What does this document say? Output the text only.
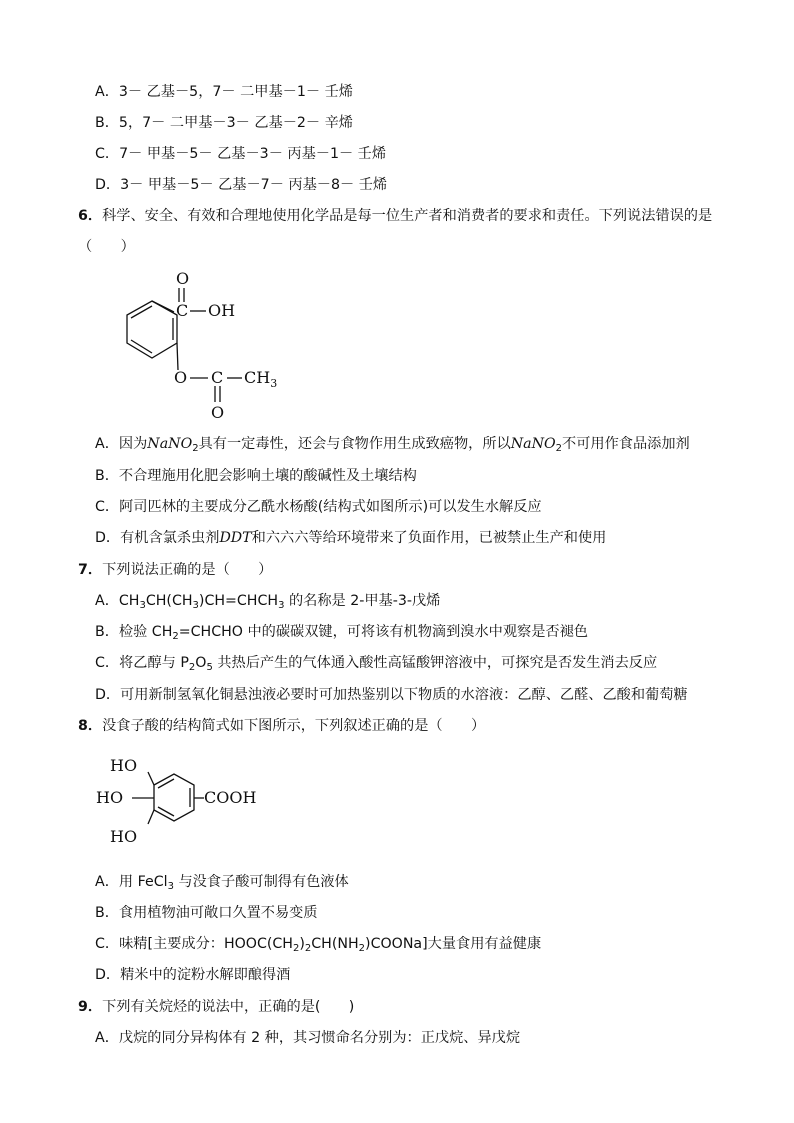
A．3－ 乙基－5，7－ 二甲基－1－ 壬烯
B．5，7－ 二甲基－3－ 乙基－2－ 辛烯
C．7－ 甲基－5－ 乙基－3－ 丙基－1－ 壬烯
D．3－ 甲基－5－ 乙基－7－ 丙基－8－ 壬烯
6．科学、安全、有效和合理地使用化学品是每一位生产者和消费者的要求和责任。下列说法错误的是
（　　）
O
C OH
O C $CH_3$
O
A．因为NaNO$_2$具有一定毒性，还会与食物作用生成致癌物，所以NaNO$_2$不可用作食品添加剂
B．不合理施用化肥会影响土壤的酸碱性及土壤结构
C．阿司匹林的主要成分乙酰水杨酸(结构式如图所示)可以发生水解反应
D．有机含氯杀虫剂DDT和六六六等给环境带来了负面作用，已被禁止生产和使用
7．下列说法正确的是（　　）
A．$CH_3CH(CH_3)CH=CHCH_3$ 的名称是 2-甲基-3-戊烯
B．检验 $CH_2=CHCHO$ 中的碳碳双键，可将该有机物滴到溴水中观察是否褪色
C．将乙醇与 $P_2O_5$ 共热后产生的气体通入酸性高锰酸钾溶液中，可探究是否发生消去反应
D．可用新制氢氧化铜悬浊液必要时可加热鉴别以下物质的水溶液：乙醇、乙醛、乙酸和葡萄糖
8．没食子酸的结构简式如下图所示，下列叙述正确的是（　　）
HO
HO
HO
COOH
A．用 FeCl$_3$ 与没食子酸可制得有色液体
B．食用植物油可敞口久置不易变质
C．味精[主要成分：$HOOC(CH_2)_2CH(NH_2)COONa$]大量食用有益健康
D．精米中的淀粉水解即酿得酒
9．下列有关烷烃的说法中，正确的是(　　)
A．戊烷的同分异构体有 2 种，其习惯命名分别为：正戊烷、异戊烷
